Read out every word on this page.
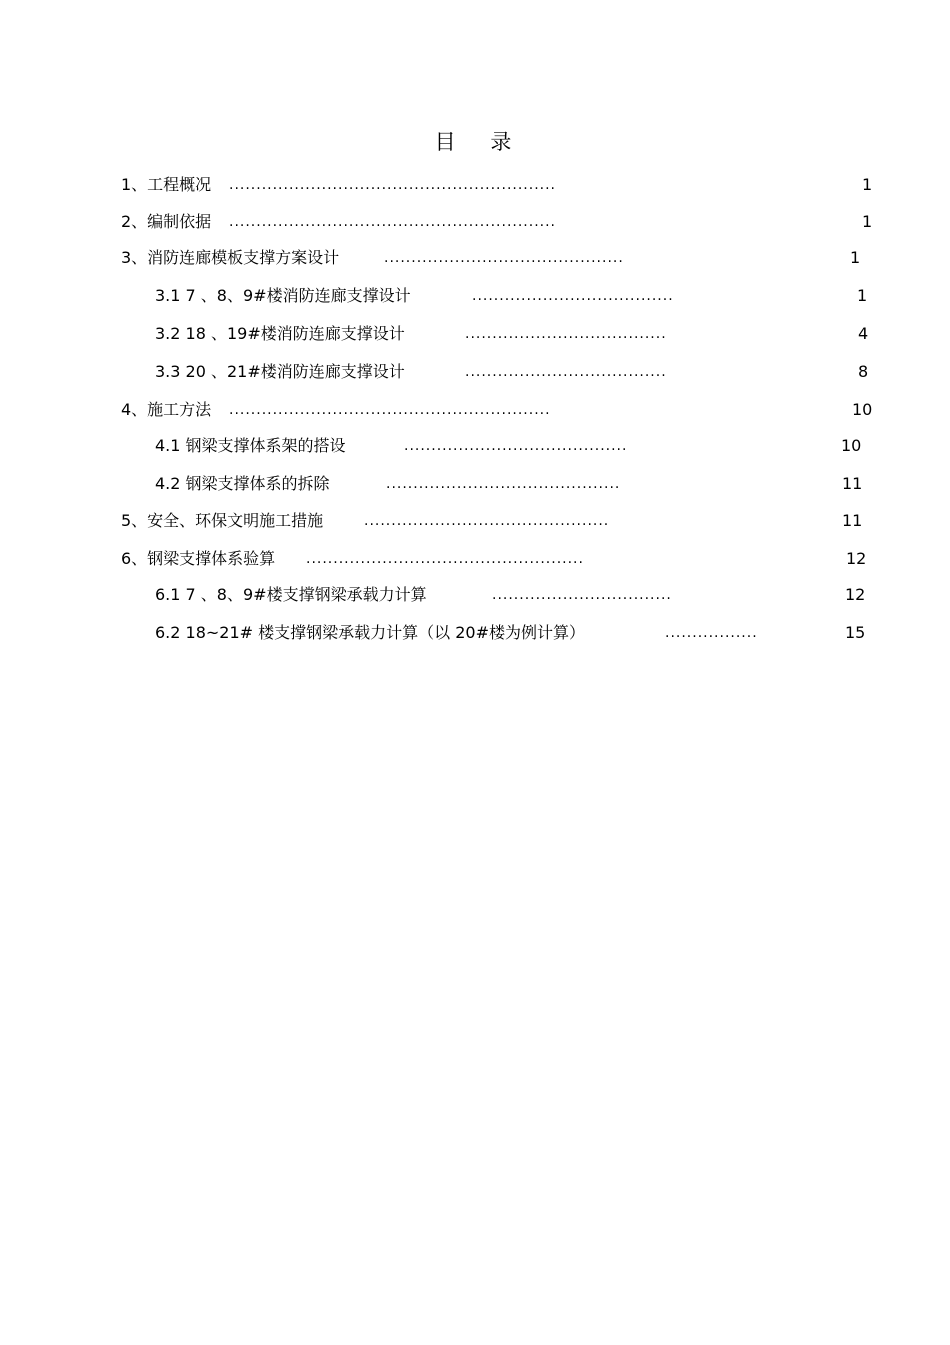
目 录
1、工程概况 ............................................................	1
2、编制依据 ............................................................	1
3、消防连廊模板支撑方案设计	............................................	1
3.1 7 、8、9#楼消防连廊支撑设计	.....................................	1
3.2 18 、19#楼消防连廊支撑设计	.....................................	4
3.3 20 、21#楼消防连廊支撑设计	.....................................	8
4、施工方法 ...........................................................	10
4.1 钢梁支撑体系架的搭设	.........................................	10
4.2 钢梁支撑体系的拆除	...........................................	11
5、安全、环保文明施工措施	.............................................	11
6、钢梁支撑体系验算 ...................................................	12
6.1 7 、8、9#楼支撑钢梁承载力计算	.................................	12
6.2 18~21# 楼支撑钢梁承载力计算（以 20#楼为例计算）	.................	15
